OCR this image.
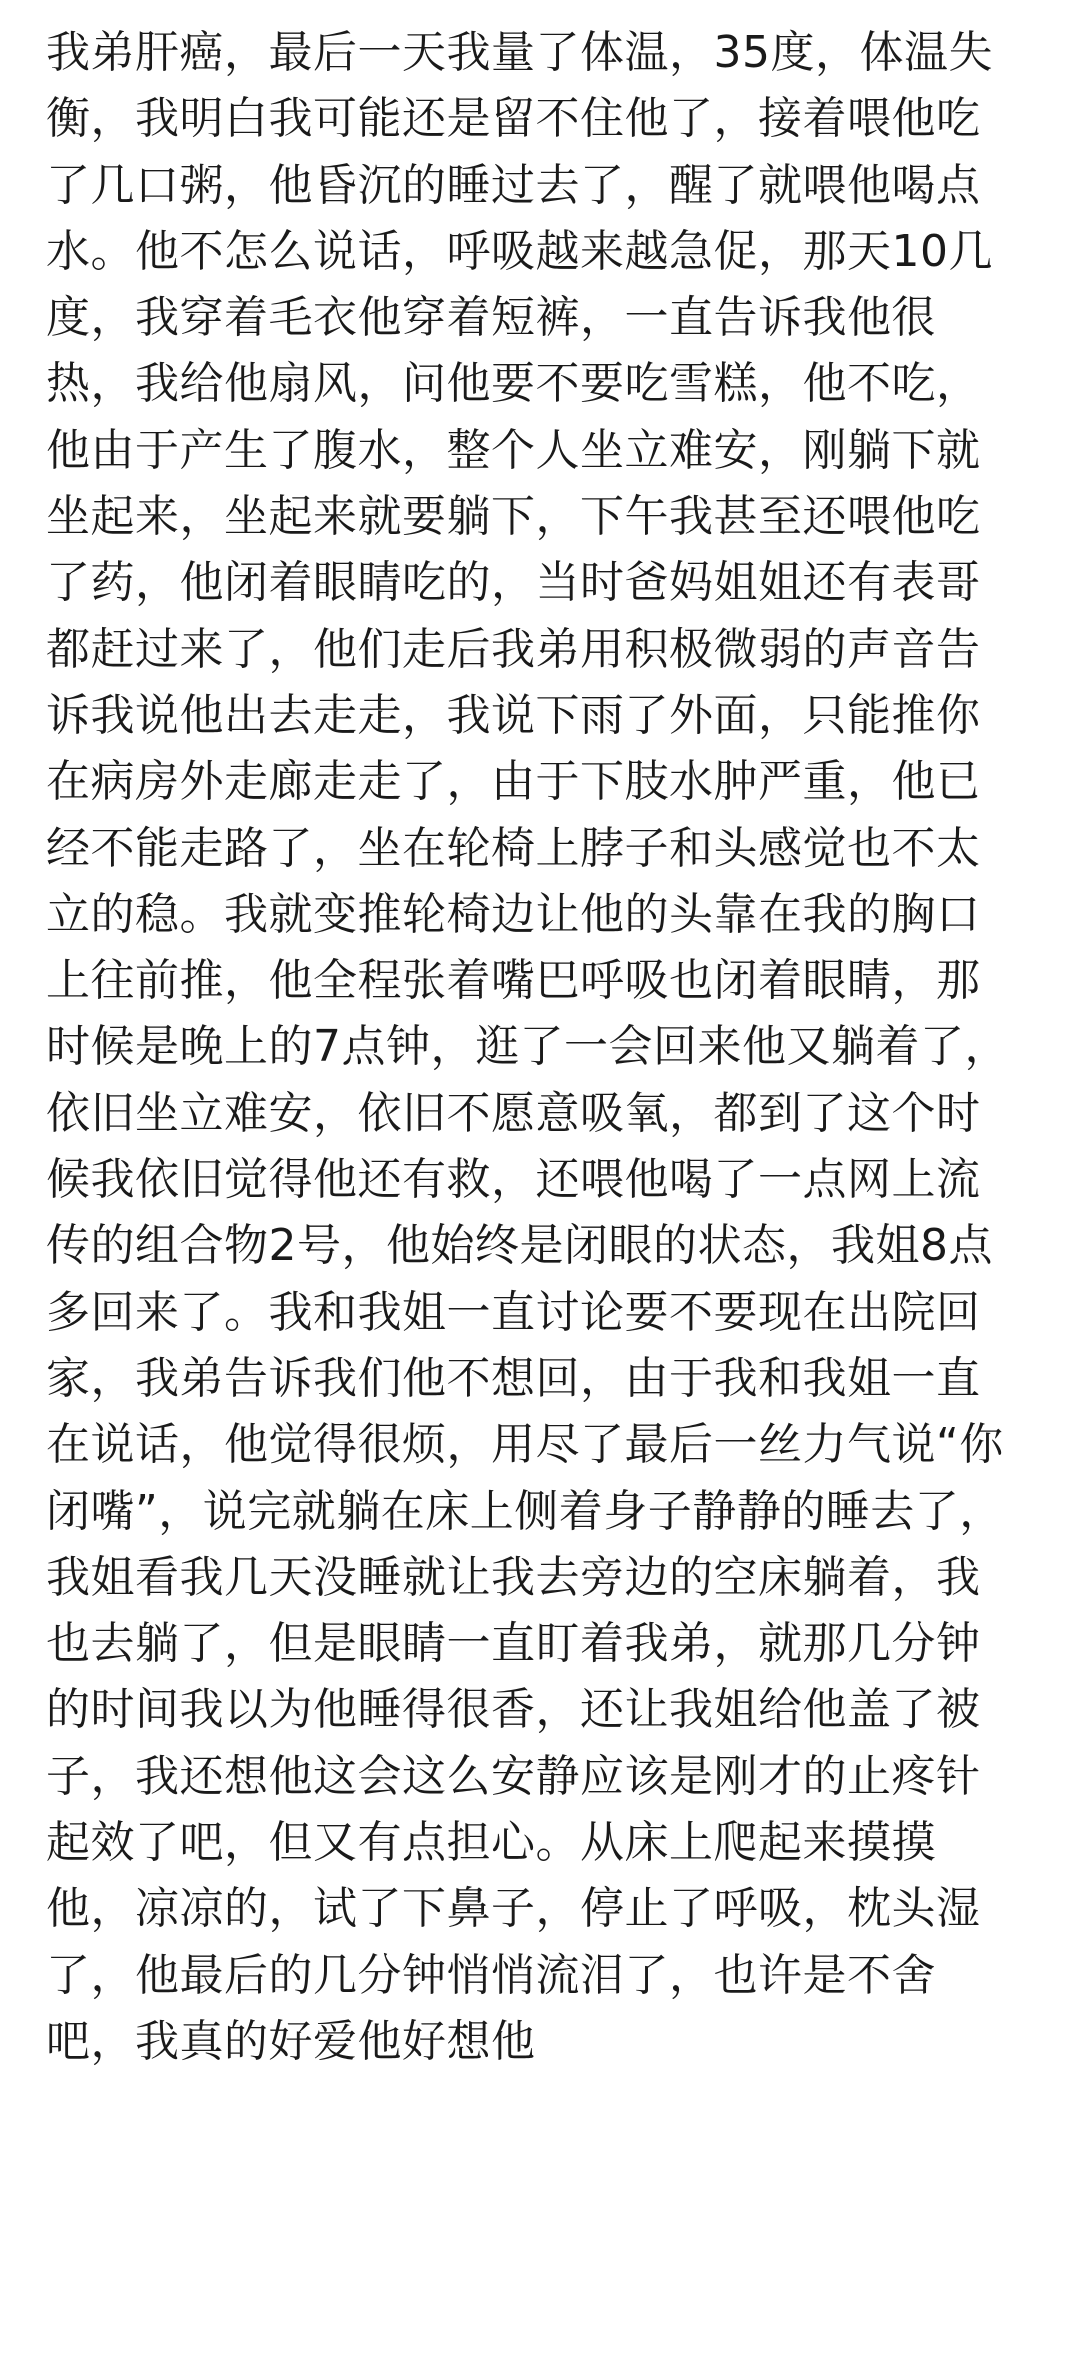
我弟肝癌，最后一天我量了体温，35度，体温失
衡，我明白我可能还是留不住他了，接着喂他吃
了几口粥，他昏沉的睡过去了，醒了就喂他喝点
水。他不怎么说话，呼吸越来越急促，那天10几
度，我穿着毛衣他穿着短裤，一直告诉我他很
热，我给他扇风，问他要不要吃雪糕，他不吃，
他由于产生了腹水，整个人坐立难安，刚躺下就
坐起来，坐起来就要躺下，下午我甚至还喂他吃
了药，他闭着眼睛吃的，当时爸妈姐姐还有表哥
都赶过来了，他们走后我弟用积极微弱的声音告
诉我说他出去走走，我说下雨了外面，只能推你
在病房外走廊走走了，由于下肢水肿严重，他已
经不能走路了，坐在轮椅上脖子和头感觉也不太
立的稳。我就变推轮椅边让他的头靠在我的胸口
上往前推，他全程张着嘴巴呼吸也闭着眼睛，那
时候是晚上的7点钟，逛了一会回来他又躺着了，
依旧坐立难安，依旧不愿意吸氧，都到了这个时
候我依旧觉得他还有救，还喂他喝了一点网上流
传的组合物2号，他始终是闭眼的状态，我姐8点
多回来了。我和我姐一直讨论要不要现在出院回
家，我弟告诉我们他不想回，由于我和我姐一直
在说话，他觉得很烦，用尽了最后一丝力气说“你
闭嘴”，说完就躺在床上侧着身子静静的睡去了，
我姐看我几天没睡就让我去旁边的空床躺着，我
也去躺了，但是眼睛一直盯着我弟，就那几分钟
的时间我以为他睡得很香，还让我姐给他盖了被
子，我还想他这会这么安静应该是刚才的止疼针
起效了吧，但又有点担心。从床上爬起来摸摸
他，凉凉的，试了下鼻子，停止了呼吸，枕头湿
了，他最后的几分钟悄悄流泪了，也许是不舍
吧，我真的好爱他好想他
